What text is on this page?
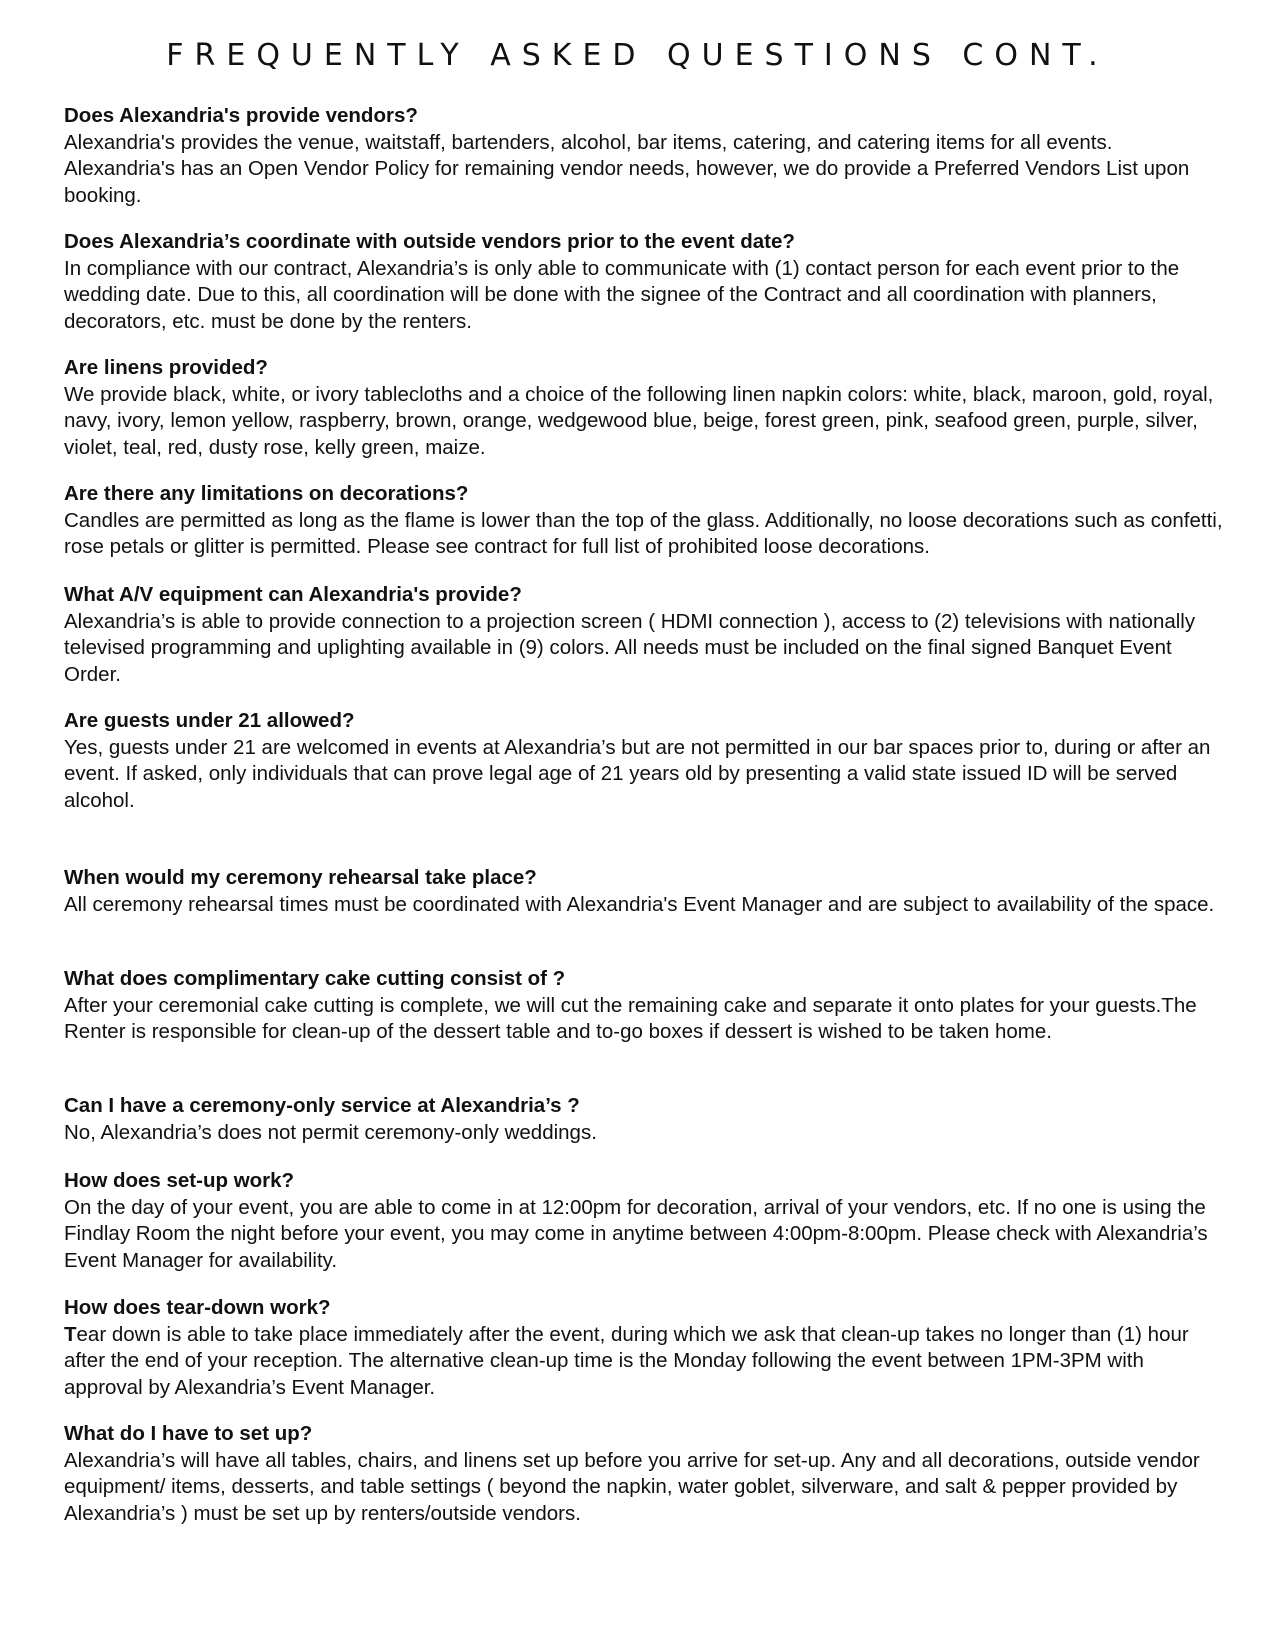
FREQUENTLY ASKED QUESTIONS CONT.

Does Alexandria's provide vendors?

Alexandria's provides the venue, waitstaff, bartenders, alcohol, bar items, catering, and catering items for all events. Alexandria's has an Open Vendor Policy for remaining vendor needs, however, we do provide a Preferred Vendors List upon booking.

Does Alexandria’s coordinate with outside vendors prior to the event date?

In compliance with our contract, Alexandria’s is only able to communicate with (1) contact person for each event prior to the wedding date. Due to this, all coordination will be done with the signee of the Contract and all coordination with planners, decorators, etc. must be done by the renters.

Are linens provided?

We provide black, white, or ivory tablecloths and a choice of the following linen napkin colors: white, black, maroon, gold, royal, navy, ivory, lemon yellow, raspberry, brown, orange, wedgewood blue, beige, forest green, pink, seafood green, purple, silver, violet, teal, red, dusty rose, kelly green, maize.

Are there any limitations on decorations?

Candles are permitted as long as the flame is lower than the top of the glass. Additionally, no loose decorations such as confetti, rose petals or glitter is permitted. Please see contract for full list of prohibited loose decorations.

What A/V equipment can Alexandria's provide?

Alexandria’s is able to provide connection to a projection screen ( HDMI connection ), access to (2) televisions with nationally televised programming and uplighting available in (9) colors. All needs must be included on the final signed Banquet Event Order.

Are guests under 21 allowed?

Yes, guests under 21 are welcomed in events at Alexandria’s but are not permitted in our bar spaces prior to, during or after an event. If asked, only individuals that can prove legal age of 21 years old by presenting a valid state issued ID will be served alcohol.

When would my ceremony rehearsal take place?

All ceremony rehearsal times must be coordinated with Alexandria's Event Manager and are subject to availability of the space.

What does complimentary cake cutting consist of ?

After your ceremonial cake cutting is complete, we will cut the remaining cake and separate it onto plates for your guests.The Renter is responsible for clean-up of the dessert table and to-go boxes if dessert is wished to be taken home.

Can I have a ceremony-only service at Alexandria’s ?

No, Alexandria’s does not permit ceremony-only weddings.

How does set-up work?

On the day of your event, you are able to come in at 12:00pm for decoration, arrival of your vendors, etc. If no one is using the Findlay Room the night before your event, you may come in anytime between 4:00pm-8:00pm. Please check with Alexandria’s Event Manager for availability.

How does tear-down work?

Tear down is able to take place immediately after the event, during which we ask that clean-up takes no longer than (1) hour after the end of your reception. The alternative clean-up time is the Monday following the event between 1PM-3PM with approval by Alexandria’s Event Manager.

What do I have to set up?

Alexandria’s will have all tables, chairs, and linens set up before you arrive for set-up. Any and all decorations, outside vendor equipment/ items, desserts, and table settings ( beyond the napkin, water goblet, silverware, and salt & pepper provided by Alexandria’s ) must be set up by renters/outside vendors.
